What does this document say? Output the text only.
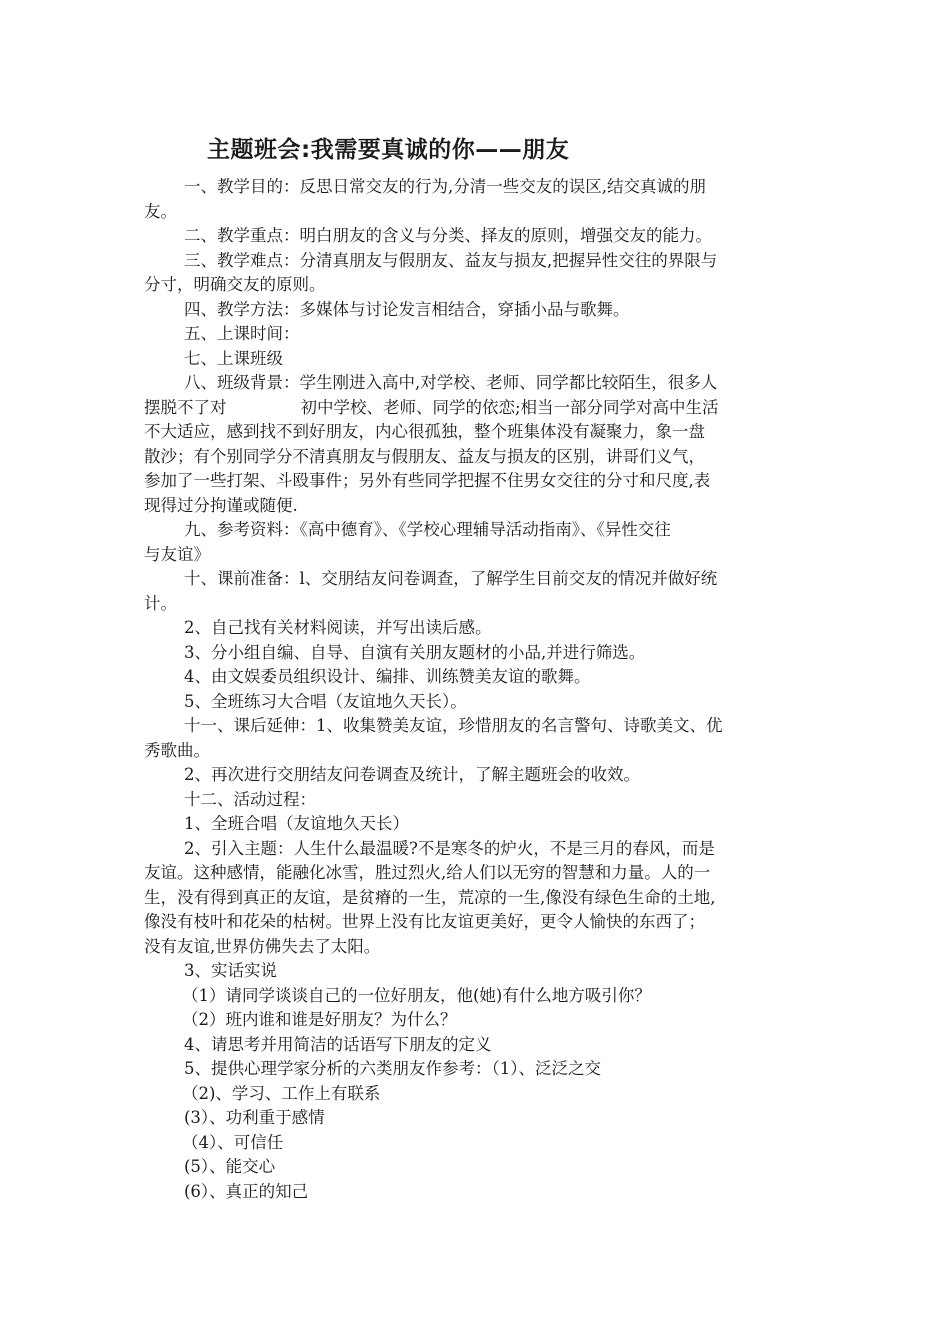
主题班会:我需要真诚的你——朋友
一、教学目的：反思日常交友的行为,分清一些交友的误区,结交真诚的朋
友。
二、教学重点：明白朋友的含义与分类、择友的原则，增强交友的能力。
三、教学难点：分清真朋友与假朋友、益友与损友,把握异性交往的界限与
分寸，明确交友的原则。
四、教学方法：多媒体与讨论发言相结合，穿插小品与歌舞。
五、上课时间：
七、上课班级
八、班级背景：学生刚进入高中,对学校、老师、同学都比较陌生，很多人
摆脱不了对	初中学校、老师、同学的依恋;相当一部分同学对高中生活
不大适应，感到找不到好朋友，内心很孤独，整个班集体没有凝聚力，象一盘
散沙；有个别同学分不清真朋友与假朋友、益友与损友的区别，讲哥们义气，
参加了一些打架、斗殴事件；另外有些同学把握不住男女交往的分寸和尺度,表
现得过分拘谨或随便.
九、参考资料：《高中德育》、《学校心理辅导活动指南》、《异性交往
与友谊》
十、课前准备：l、交朋结友问卷调查，了解学生目前交友的情况并做好统
计。
2、自己找有关材料阅读，并写出读后感。
3、分小组自编、自导、自演有关朋友题材的小品,并进行筛选。
4、由文娱委员组织设计、编排、训练赞美友谊的歌舞。
5、全班练习大合唱（友谊地久天长）。
十一、课后延伸：1、收集赞美友谊，珍惜朋友的名言警句、诗歌美文、优
秀歌曲。
2、再次进行交朋结友问卷调查及统计，了解主题班会的收效。
十二、活动过程：
1、全班合唱（友谊地久天长）
2、引入主题：人生什么最温暖?不是寒冬的炉火，不是三月的春风，而是
友谊。这种感情，能融化冰雪，胜过烈火,给人们以无穷的智慧和力量。人的一
生，没有得到真正的友谊，是贫瘠的一生，荒凉的一生,像没有绿色生命的土地,
像没有枝叶和花朵的枯树。世界上没有比友谊更美好，更令人愉快的东西了；
没有友谊,世界仿佛失去了太阳。
3、实话实说
（1）请同学谈谈自己的一位好朋友，他(她)有什么地方吸引你？
（2）班内谁和谁是好朋友？为什么？
4、请思考并用简洁的话语写下朋友的定义
5、提供心理学家分析的六类朋友作参考：（1）、泛泛之交
（2)、学习、工作上有联系
(3）、功利重于感情
（4）、可信任
(5）、能交心
(6）、真正的知己
